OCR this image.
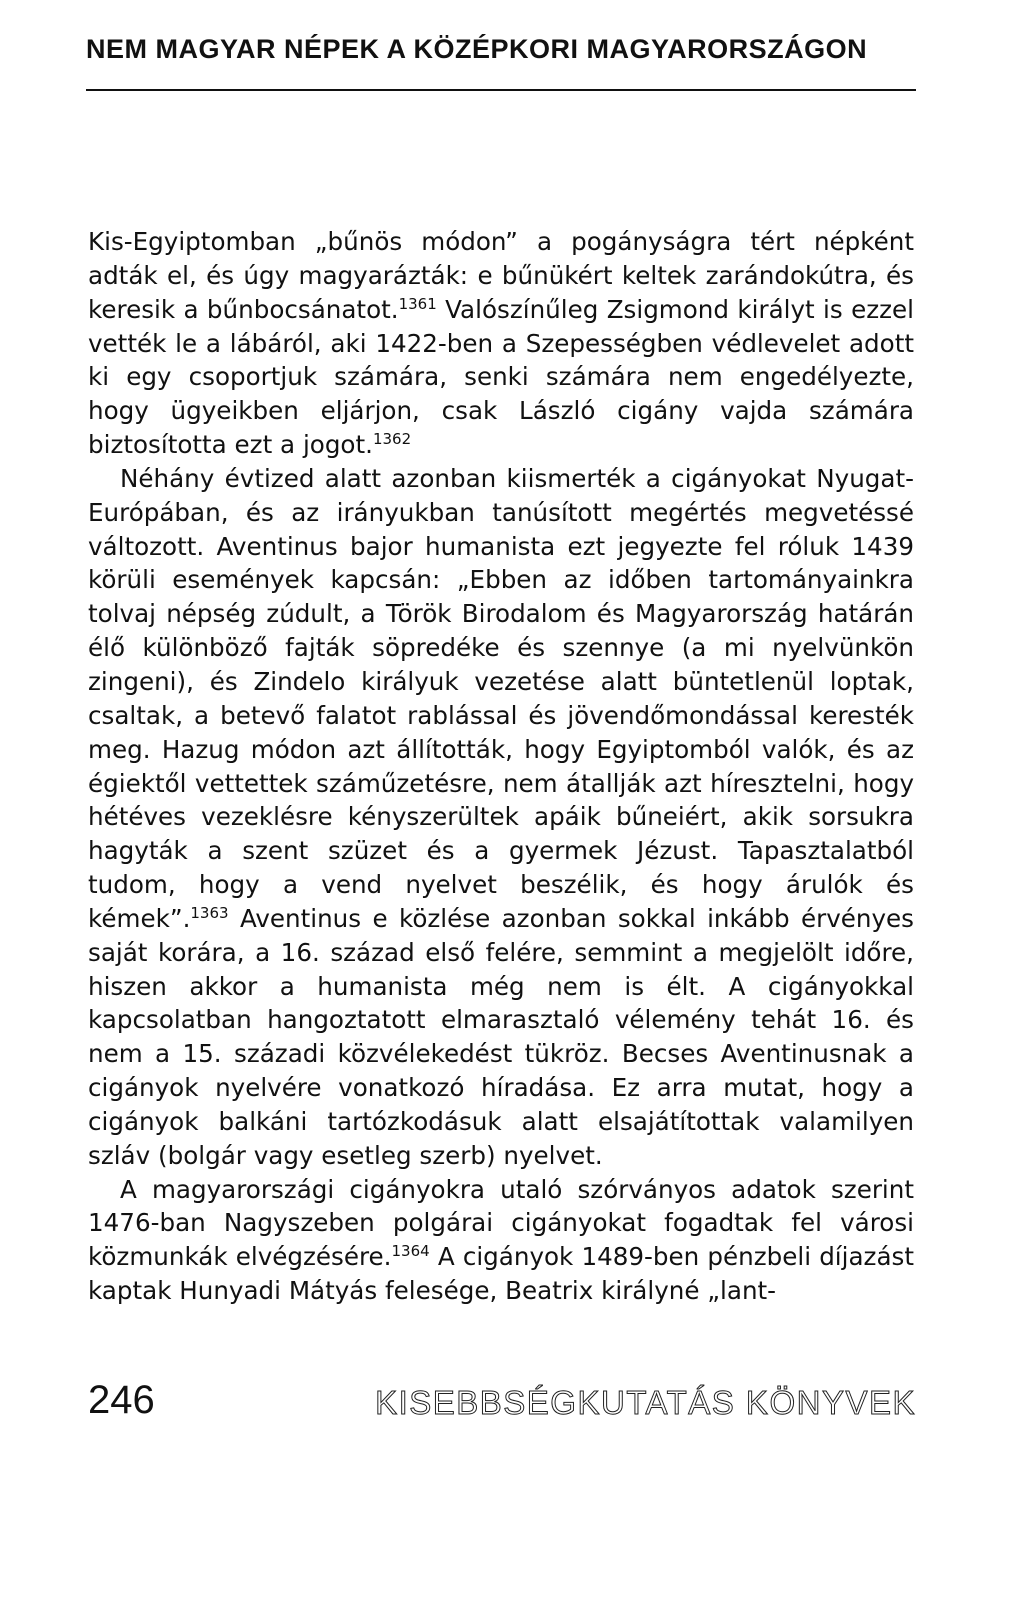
NEM MAGYAR NÉPEK A KÖZÉPKORI MAGYARORSZÁGON

Kis-Egyiptomban „bűnös módon” a pogányságra tért népként adták el, és úgy magyarázták: e bűnükért keltek zarándokútra, és keresik a bűnbocsánatot.$^{1361}$ Valószínűleg Zsigmond királyt is ezzel vették le a lábáról, aki 1422-ben a Szepességben védlevelet adott ki egy csoportjuk számára, senki számára nem engedélyezte, hogy ügyeikben eljárjon, csak László cigány vajda számára biztosította ezt a jogot.$^{1362}$

Néhány évtized alatt azonban kiismerték a cigányokat Nyugat-Európában, és az irányukban tanúsított megértés megvetéssé változott. Aventinus bajor humanista ezt jegyezte fel róluk 1439 körüli események kapcsán: „Ebben az időben tartományainkra tolvaj népség zúdult, a Török Birodalom és Magyarország határán élő különböző fajták söpredéke és szennye (a mi nyelvünkön zingeni), és Zindelo királyuk vezetése alatt büntetlenül loptak, csaltak, a betevő falatot rablással és jövendőmondással keresték meg. Hazug módon azt állították, hogy Egyiptomból valók, és az égiektől vettettek száműzetésre, nem átallják azt híresztelni, hogy hétéves vezeklésre kényszerültek apáik bűneiért, akik sorsukra hagyták a szent szüzet és a gyermek Jézust. Tapasztalatból tudom, hogy a vend nyelvet beszélik, és hogy árulók és kémek”.$^{1363}$ Aventinus e közlése azonban sokkal inkább érvényes saját korára, a 16. század első felére, semmint a megjelölt időre, hiszen akkor a humanista még nem is élt. A cigányokkal kapcsolatban hangoztatott elmarasztaló vélemény tehát 16. és nem a 15. századi közvélekedést tükröz. Becses Aventinusnak a cigányok nyelvére vonatkozó híradása. Ez arra mutat, hogy a cigányok balkáni tartózkodásuk alatt elsajátítottak valamilyen szláv (bolgár vagy esetleg szerb) nyelvet.

A magyarországi cigányokra utaló szórványos adatok szerint 1476-ban Nagyszeben polgárai cigányokat fogadtak fel városi közmunkák elvégzésére.$^{1364}$ A cigányok 1489-ben pénzbeli díjazást kaptak Hunyadi Mátyás felesége, Beatrix királyné „lant-

246	KISEBBSÉGKUTATÁS KÖNYVEK
